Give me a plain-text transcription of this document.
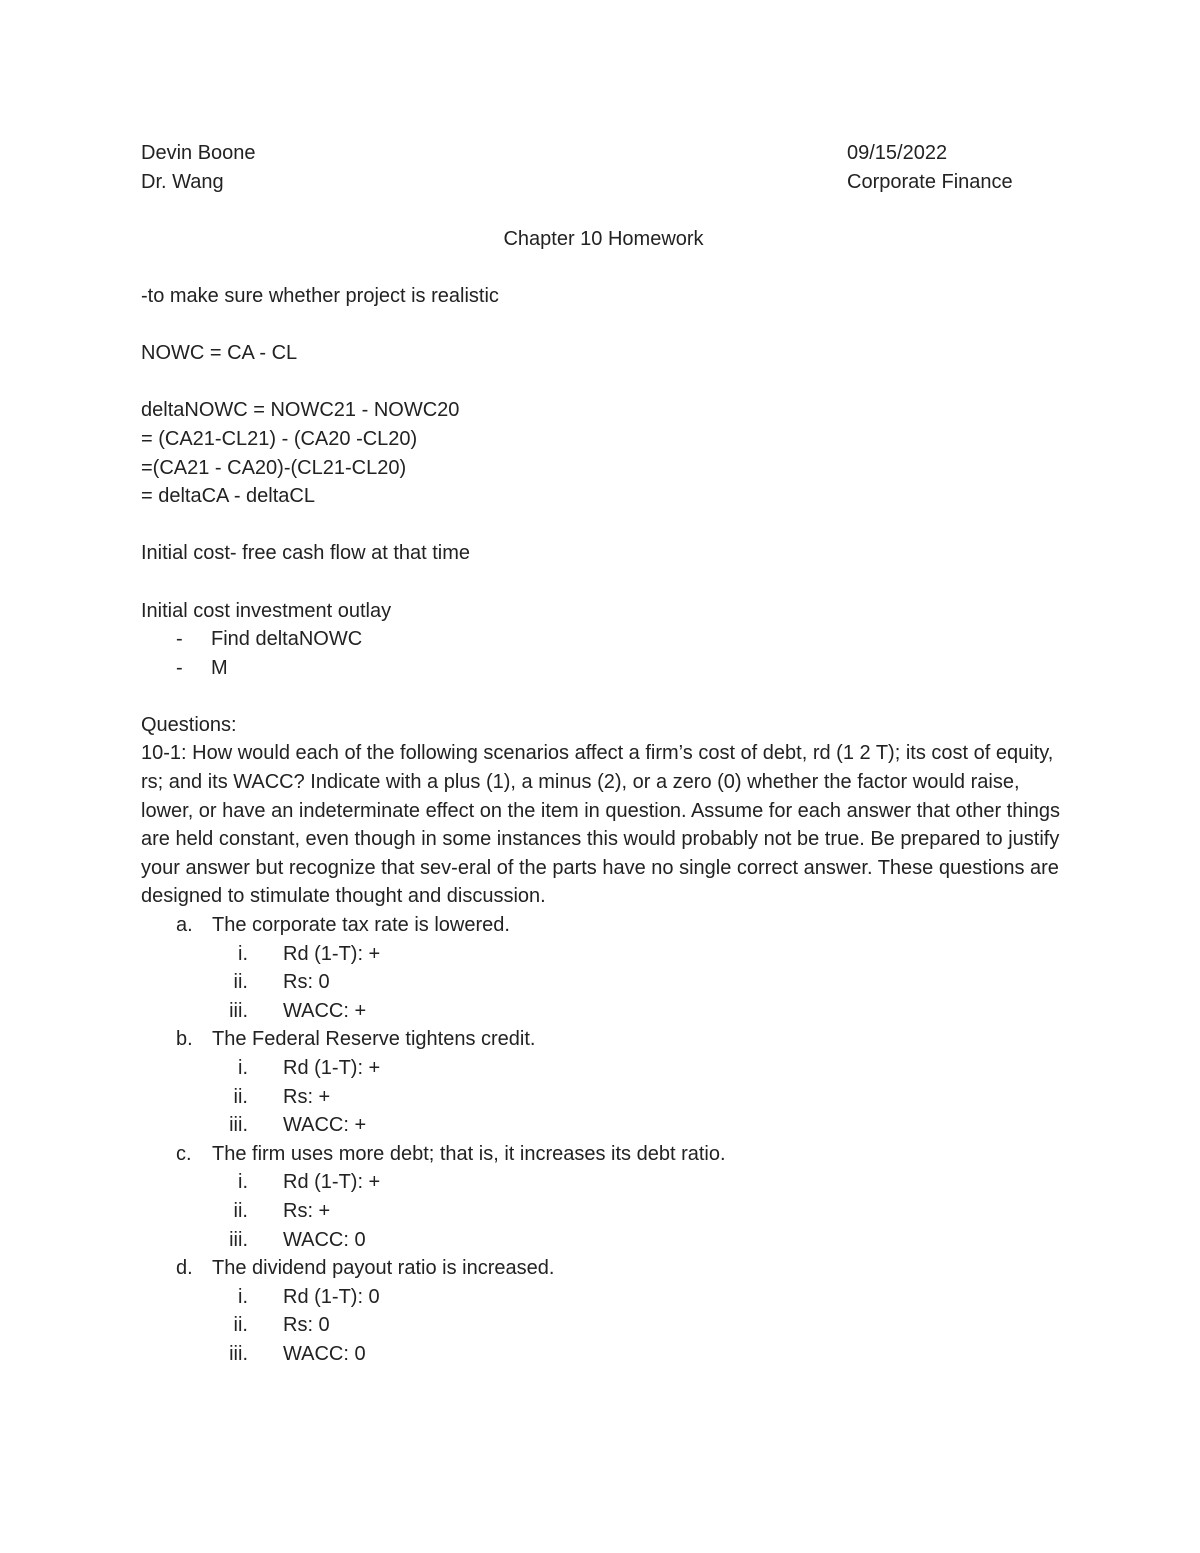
Devin Boone	09/15/2022
Dr. Wang	Corporate Finance
Chapter 10 Homework

-to make sure whether project is realistic

NOWC = CA - CL

deltaNOWC = NOWC21 - NOWC20

= (CA21-CL21) - (CA20 -CL20)

=(CA21 - CA20)-(CL21-CL20)

= deltaCA - deltaCL

Initial cost- free cash flow at that time

Initial cost investment outlay

-	Find deltaNOWC
-	M

Questions:

10-1: How would each of the following scenarios affect a firm’s cost of debt, rd (1 2 T); its cost of equity, rs; and its WACC? Indicate with a plus (1), a minus (2), or a zero (0) whether the factor would raise, lower, or have an indeterminate effect on the item in question. Assume for each answer that other things are held constant, even though in some instances this would probably not be true. Be prepared to justify your answer but recognize that sev-eral of the parts have no single correct answer. These questions are designed to stimulate thought and discussion.

a. The corporate tax rate is lowered.
i.	Rd (1-T): +
ii.	Rs: 0
iii.	WACC: +
b. The Federal Reserve tightens credit.
i.	Rd (1-T): +
ii.	Rs: +
iii.	WACC: +
c.	The firm uses more debt; that is, it increases its debt ratio.
i.	Rd (1-T): +
ii.	Rs: +
iii.	WACC: 0
d. The dividend payout ratio is increased.
i.	Rd (1-T): 0
ii.	Rs: 0
iii.	WACC: 0
